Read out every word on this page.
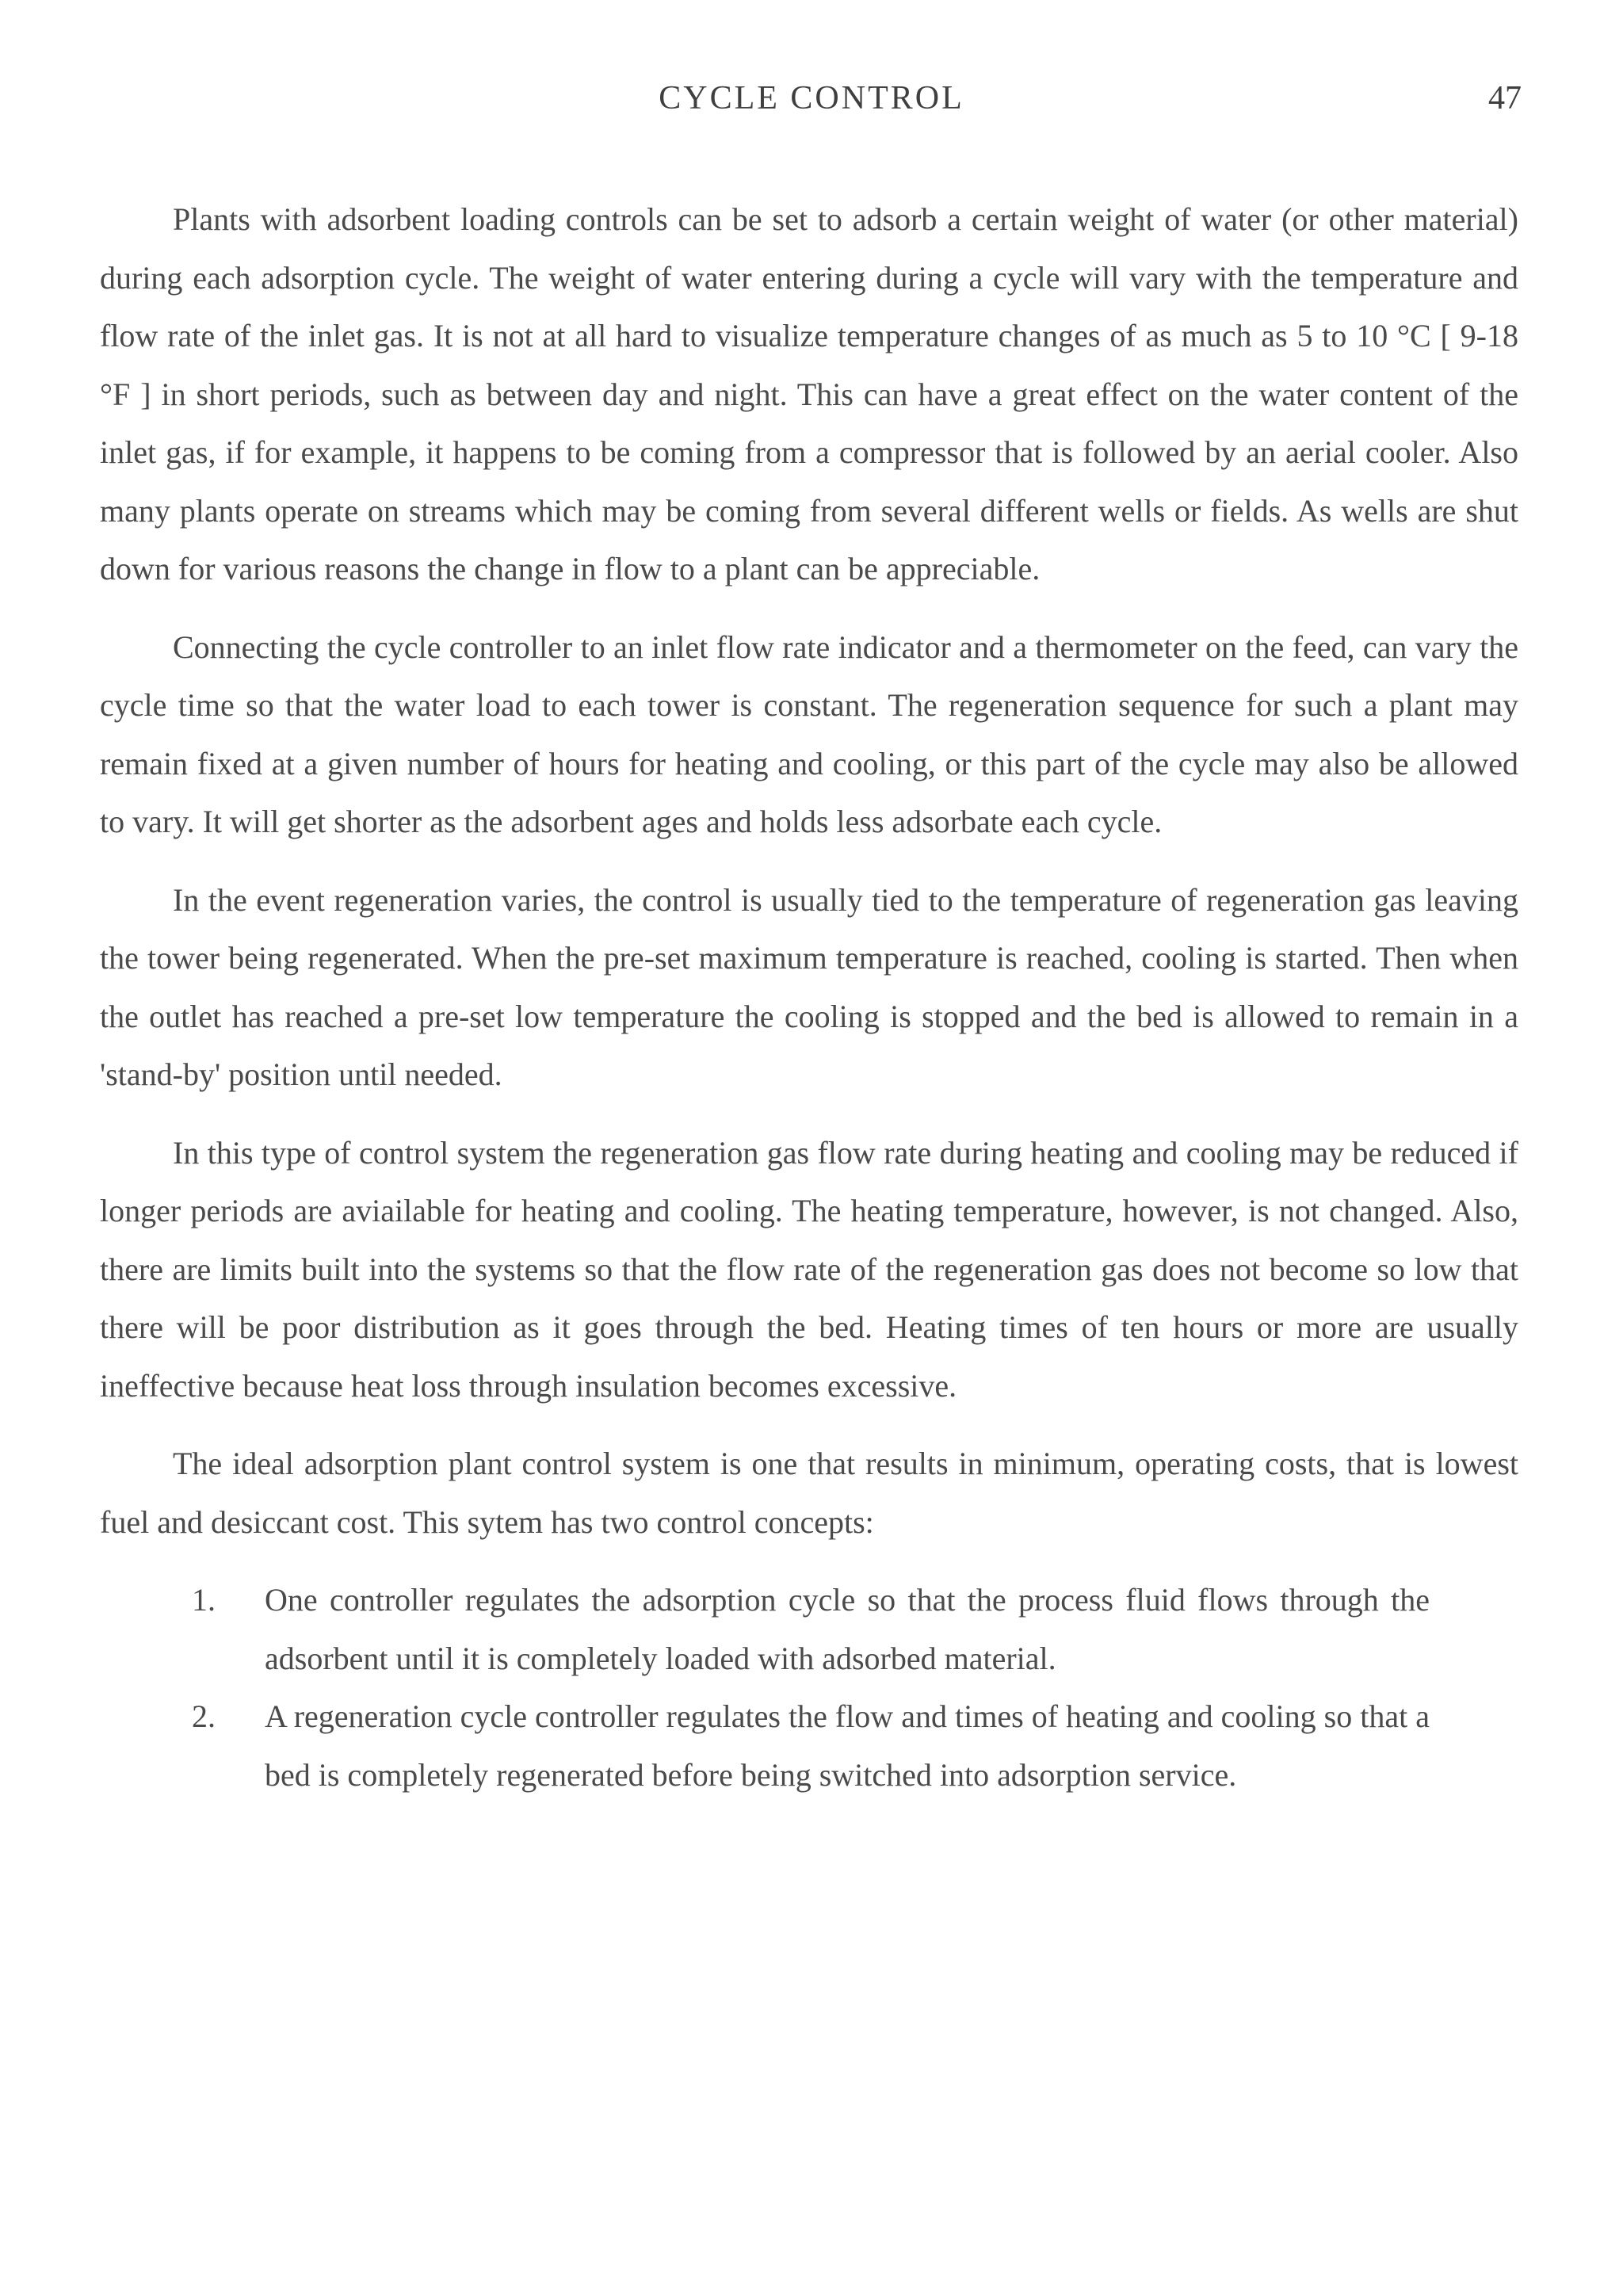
CYCLE CONTROL	47

Plants with adsorbent loading controls can be set to adsorb a certain weight of water (or other material) during each adsorption cycle. The weight of water entering during a cycle will vary with the temperature and flow rate of the inlet gas. It is not at all hard to visualize temperature changes of as much as 5 to 10 °C [ 9-18 °F ] in short periods, such as between day and night. This can have a great effect on the water content of the inlet gas, if for example, it happens to be coming from a compressor that is followed by an aerial cooler. Also many plants operate on streams which may be coming from several different wells or fields. As wells are shut down for various reasons the change in flow to a plant can be appreciable.

Connecting the cycle controller to an inlet flow rate indicator and a thermometer on the feed, can vary the cycle time so that the water load to each tower is constant. The regeneration sequence for such a plant may remain fixed at a given number of hours for heating and cooling, or this part of the cycle may also be allowed to vary. It will get shorter as the adsorbent ages and holds less adsorbate each cycle.

In the event regeneration varies, the control is usually tied to the temperature of regeneration gas leaving the tower being regenerated. When the pre-set maximum temperature is reached, cooling is started. Then when the outlet has reached a pre-set low temperature the cooling is stopped and the bed is allowed to remain in a 'stand-by' position until needed.

In this type of control system the regeneration gas flow rate during heating and cooling may be reduced if longer periods are aviailable for heating and cooling. The heating temperature, however, is not changed. Also, there are limits built into the systems so that the flow rate of the regeneration gas does not become so low that there will be poor distribution as it goes through the bed. Heating times of ten hours or more are usually ineffective because heat loss through insulation becomes excessive.

The ideal adsorption plant control system is one that results in minimum, operating costs, that is lowest fuel and desiccant cost. This sytem has two control concepts:

1. One controller regulates the adsorption cycle so that the process fluid flows through the adsorbent until it is completely loaded with adsorbed material.
2. A regeneration cycle controller regulates the flow and times of heating and cooling so that a bed is completely regenerated before being switched into adsorption service.
